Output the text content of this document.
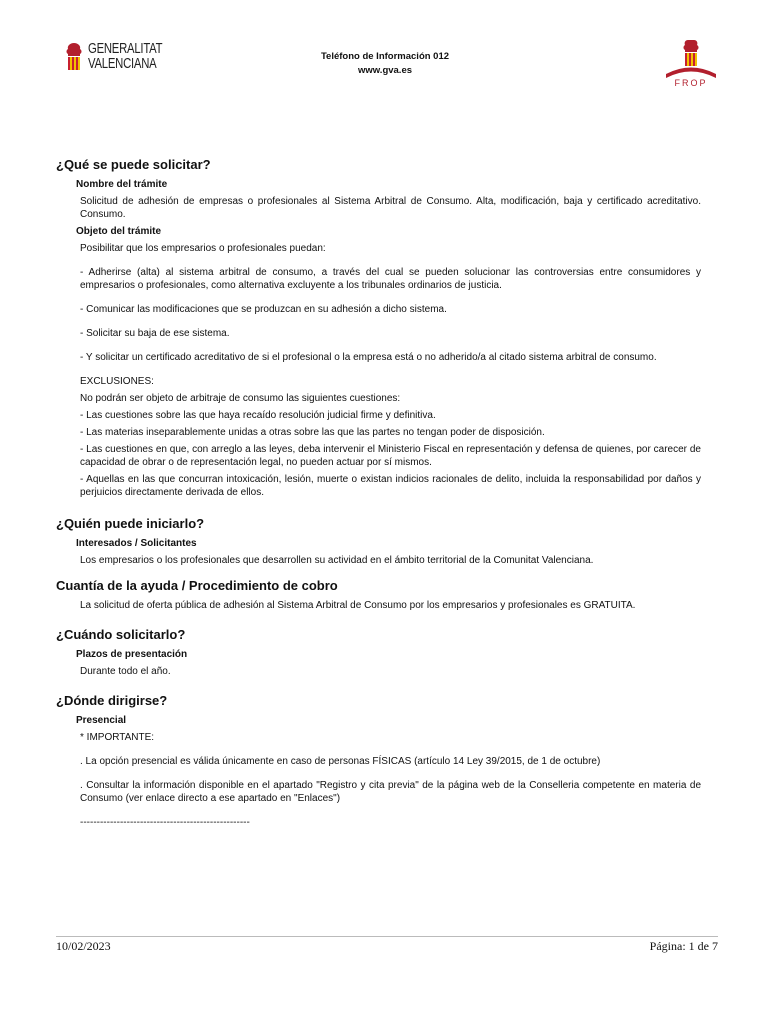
GENERALITAT
VALENCIANA	Teléfono de Información 012
www.gva.es
FROP
¿Qué se puede solicitar?
Nombre del trámite
Solicitud de adhesión de empresas o profesionales al Sistema Arbitral de Consumo. Alta, modificación, baja y certificado acreditativo. Consumo.
Objeto del trámite
Posibilitar que los empresarios o profesionales puedan:
- Adherirse (alta) al sistema arbitral de consumo, a través del cual se pueden solucionar las controversias entre consumidores y empresarios o profesionales, como alternativa excluyente a los tribunales ordinarios de justicia.
- Comunicar las modificaciones que se produzcan en su adhesión a dicho sistema.
- Solicitar su baja de ese sistema.
- Y solicitar un certificado acreditativo de si el profesional o la empresa está o no adherido/a al citado sistema arbitral de consumo.
EXCLUSIONES:
No podrán ser objeto de arbitraje de consumo las siguientes cuestiones:
- Las cuestiones sobre las que haya recaído resolución judicial firme y definitiva.
- Las materias inseparablemente unidas a otras sobre las que las partes no tengan poder de disposición.
- Las cuestiones en que, con arreglo a las leyes, deba intervenir el Ministerio Fiscal en representación y defensa de quienes, por carecer de capacidad de obrar o de representación legal, no pueden actuar por sí mismos.
- Aquellas en las que concurran intoxicación, lesión, muerte o existan indicios racionales de delito, incluida la responsabilidad por daños y perjuicios directamente derivada de ellos.
¿Quién puede iniciarlo?
Interesados / Solicitantes
Los empresarios o los profesionales que desarrollen su actividad en el ámbito territorial de la Comunitat Valenciana.
Cuantía de la ayuda / Procedimiento de cobro
La solicitud de oferta pública de adhesión al Sistema Arbitral de Consumo por los empresarios y profesionales es GRATUITA.
¿Cuándo solicitarlo?
Plazos de presentación
Durante todo el año.
¿Dónde dirigirse?
Presencial
* IMPORTANTE:
. La opción presencial es válida únicamente en caso de personas FÍSICAS (artículo 14 Ley 39/2015, de 1 de octubre)
. Consultar la información disponible en el apartado "Registro y cita previa" de la página web de la Conselleria competente en materia de Consumo (ver enlace directo a ese apartado en "Enlaces")
---------------------------------------------------
10/02/2023	Página: 1 de 7
